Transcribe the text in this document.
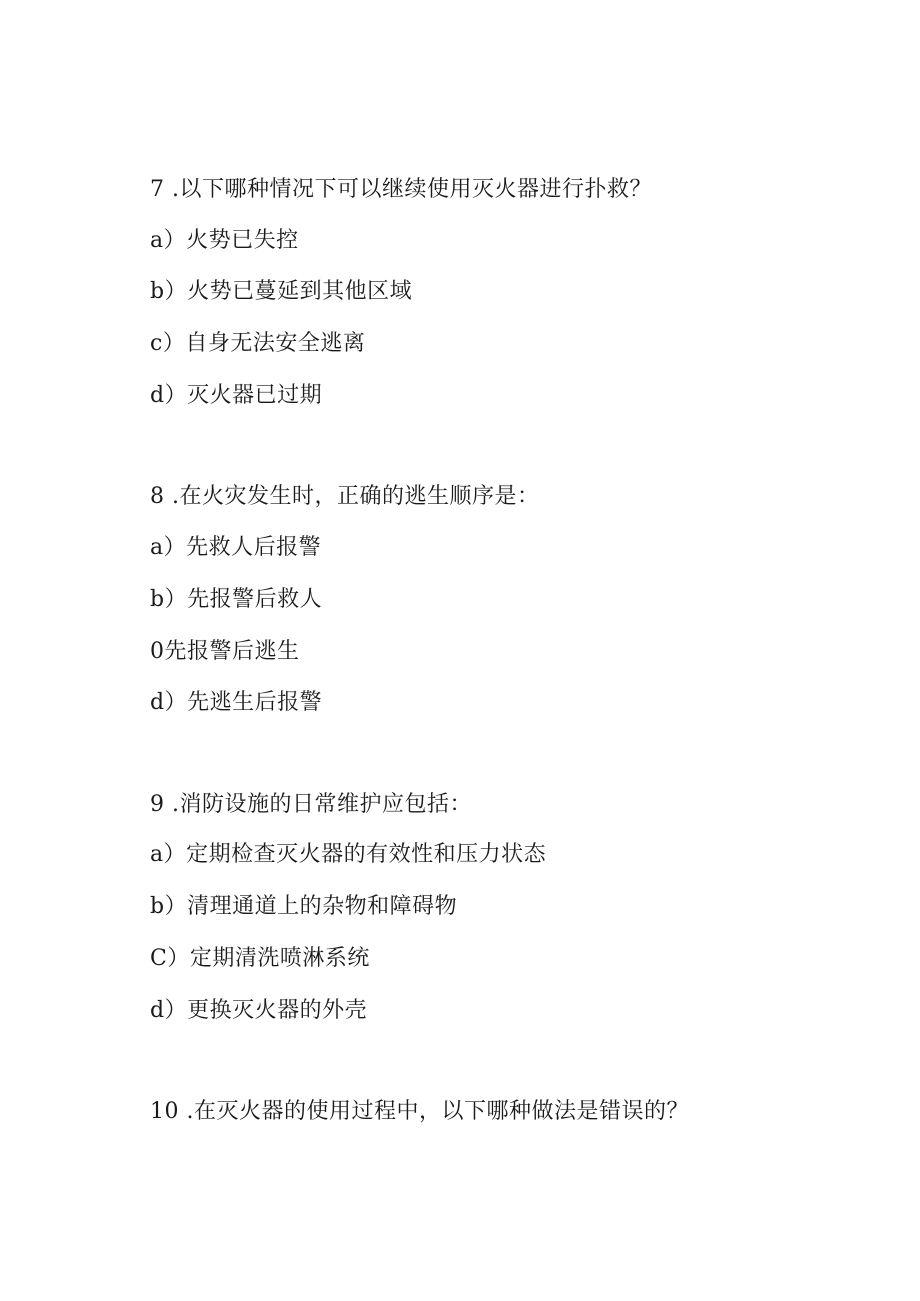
7 .以下哪种情况下可以继续使用灭火器进行扑救？
a）火势已失控
b）火势已蔓延到其他区域
c）自身无法安全逃离
d）灭火器已过期
8 .在火灾发生时，正确的逃生顺序是：
a）先救人后报警
b）先报警后救人
0先报警后逃生
d）先逃生后报警
9 .消防设施的日常维护应包括：
a）定期检查灭火器的有效性和压力状态
b）清理通道上的杂物和障碍物
C）定期清洗喷淋系统
d）更换灭火器的外壳
10 .在灭火器的使用过程中，以下哪种做法是错误的？
